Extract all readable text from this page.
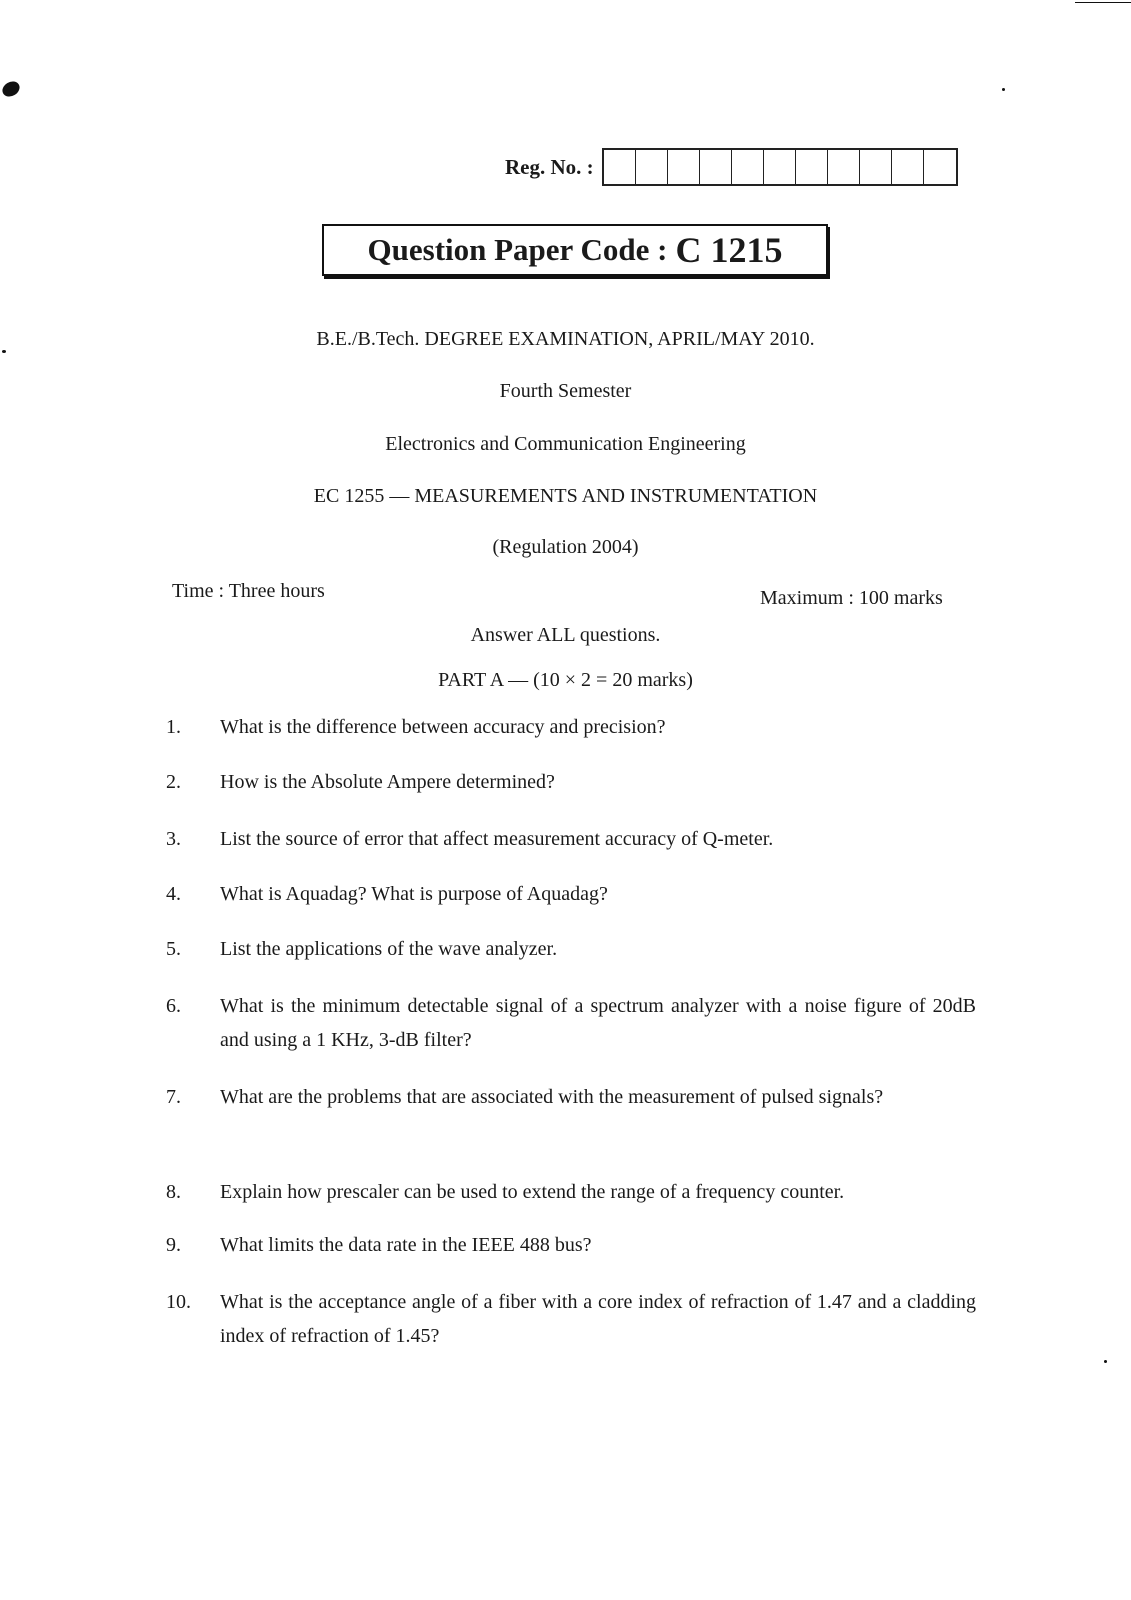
Reg. No. :
Question Paper Code : C 1215
B.E./B.Tech. DEGREE EXAMINATION, APRIL/MAY 2010.
Fourth Semester
Electronics and Communication Engineering
EC 1255 — MEASUREMENTS AND INSTRUMENTATION
(Regulation 2004)
Time : Three hours	Maximum : 100 marks
Answer ALL questions.
PART A — (10 × 2 = 20 marks)
1.	What is the difference between accuracy and precision?
2.	How is the Absolute Ampere determined?
3.	List the source of error that affect measurement accuracy of Q-meter.
4.	What is Aquadag? What is purpose of Aquadag?
5.	List the applications of the wave analyzer.
6.	What is the minimum detectable signal of a spectrum analyzer with a noise figure of 20dB and using a 1 KHz, 3-dB filter?
7.	What are the problems that are associated with the measurement of pulsed signals?
8.	Explain how prescaler can be used to extend the range of a frequency counter.
9.	What limits the data rate in the IEEE 488 bus?
10.	What is the acceptance angle of a fiber with a core index of refraction of 1.47 and a cladding index of refraction of 1.45?
